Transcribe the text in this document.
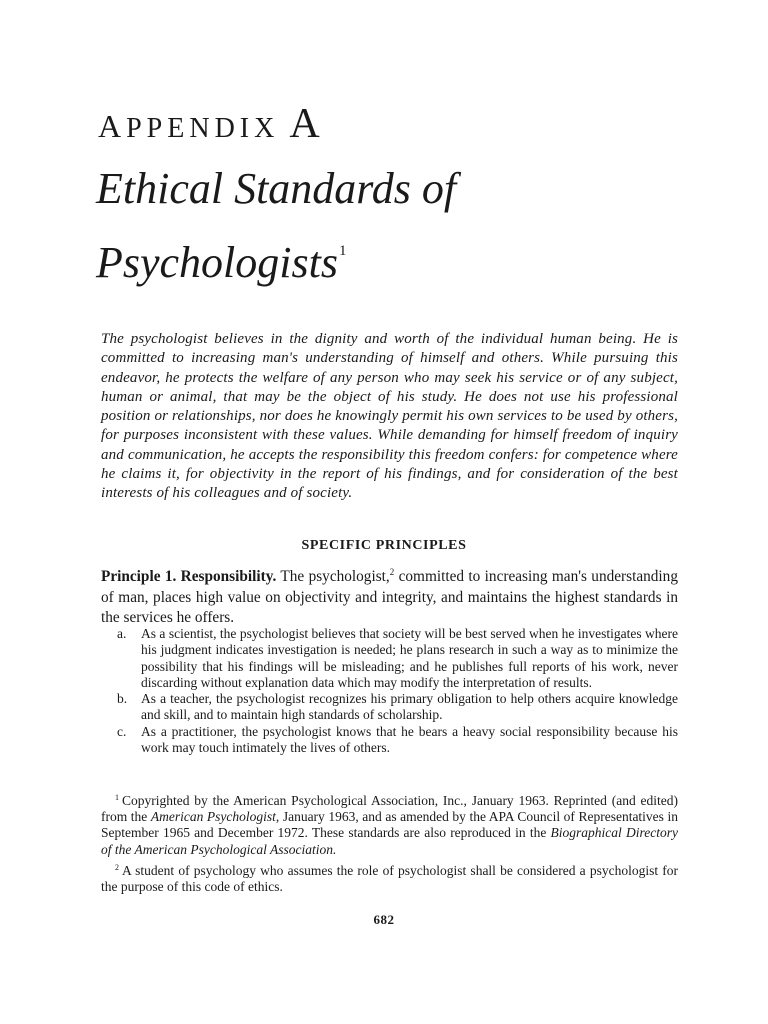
APPENDIX A
Ethical Standards of
Psychologists$^1$

The psychologist believes in the dignity and worth of the individual human being. He is committed to increasing man's understanding of himself and others. While pursuing this endeavor, he protects the welfare of any person who may seek his service or of any subject, human or animal, that may be the object of his study. He does not use his professional position or relationships, nor does he knowingly permit his own services to be used by others, for purposes inconsistent with these values. While demanding for himself freedom of inquiry and communication, he accepts the responsibility this freedom confers: for competence where he claims it, for objectivity in the report of his findings, and for consideration of the best interests of his colleagues and of society.

SPECIFIC PRINCIPLES

Principle 1. Responsibility. The psychologist,$^2$ committed to increasing man's understanding of man, places high value on objectivity and integrity, and maintains the highest standards in the services he offers.

a. As a scientist, the psychologist believes that society will be best served when he investigates where his judgment indicates investigation is needed; he plans research in such a way as to minimize the possibility that his findings will be misleading; and he publishes full reports of his work, never discarding without explanation data which may modify the interpretation of results.
b. As a teacher, the psychologist recognizes his primary obligation to help others acquire knowledge and skill, and to maintain high standards of scholarship.
c. As a practitioner, the psychologist knows that he bears a heavy social responsibility because his work may touch intimately the lives of others.
$^1$ Copyrighted by the American Psychological Association, Inc., January 1963. Reprinted (and edited) from the American Psychologist, January 1963, and as amended by the APA Council of Representatives in September 1965 and December 1972. These standards are also reproduced in the Biographical Directory of the American Psychological Association.
$^2$ A student of psychology who assumes the role of psychologist shall be considered a psychologist for the purpose of this code of ethics.
682
